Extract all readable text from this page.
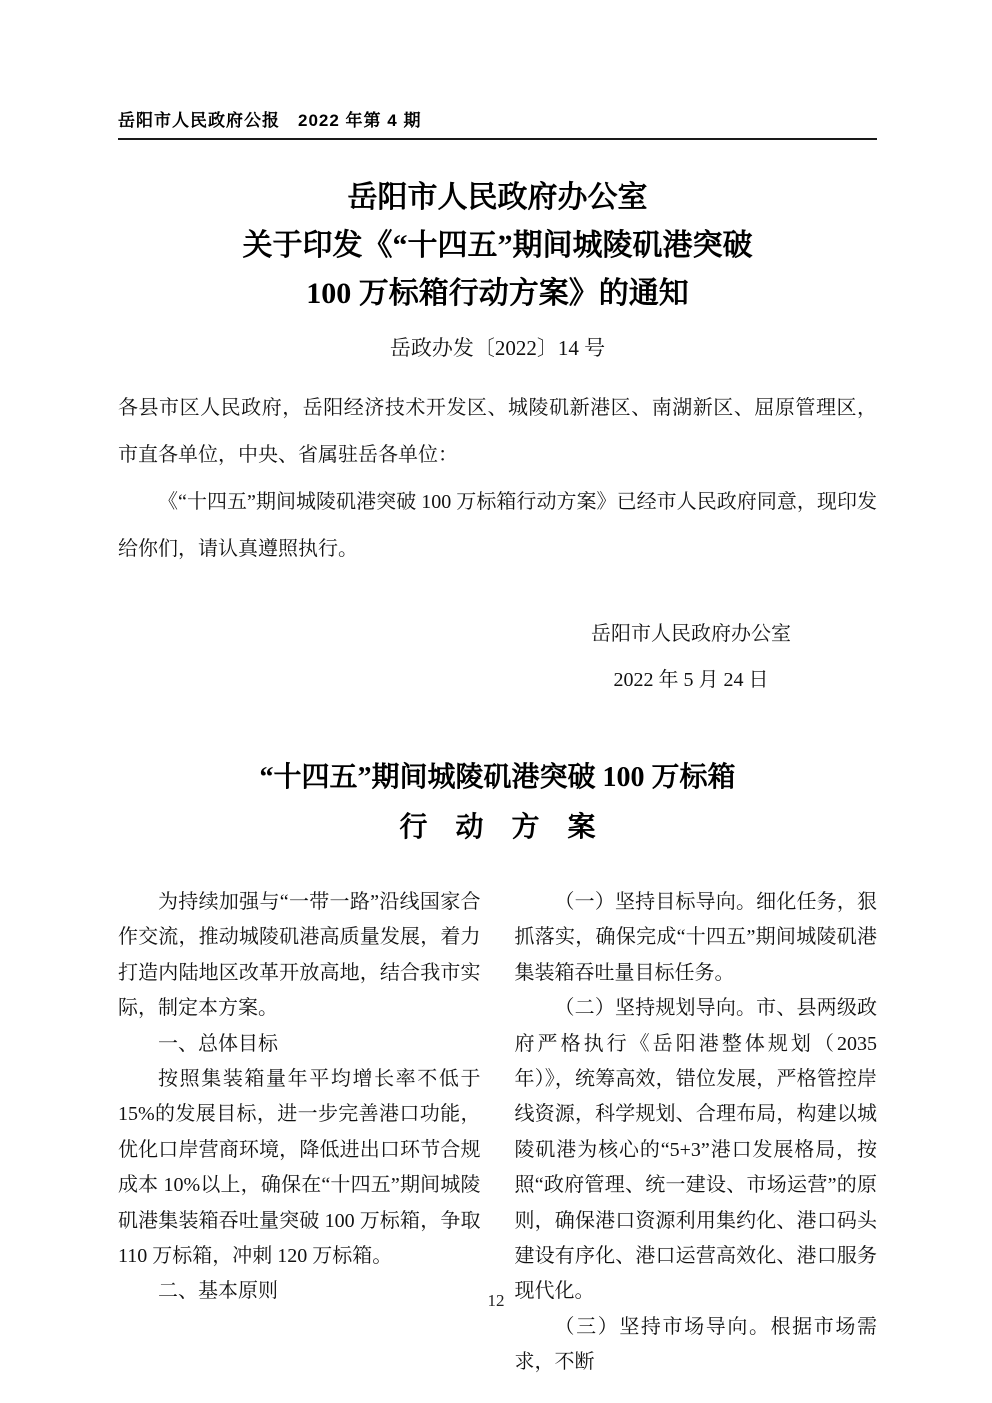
岳阳市人民政府公报　2022 年第 4 期
岳阳市人民政府办公室
关于印发《“十四五”期间城陵矶港突破
100 万标箱行动方案》的通知
岳政办发〔2022〕14 号

各县市区人民政府，岳阳经济技术开发区、城陵矶新港区、南湖新区、屈原管理区，市直各单位，中央、省属驻岳各单位：

《“十四五”期间城陵矶港突破 100 万标箱行动方案》已经市人民政府同意，现印发给你们，请认真遵照执行。

岳阳市人民政府办公室
2022 年 5 月 24 日
“十四五”期间城陵矶港突破 100 万标箱
行　动　方　案

为持续加强与“一带一路”沿线国家合作交流，推动城陵矶港高质量发展，着力打造内陆地区改革开放高地，结合我市实际，制定本方案。

一、总体目标

按照集装箱量年平均增长率不低于 15%的发展目标，进一步完善港口功能，优化口岸营商环境，降低进出口环节合规成本 10%以上，确保在“十四五”期间城陵矶港集装箱吞吐量突破 100 万标箱，争取 110 万标箱，冲刺 120 万标箱。

二、基本原则

（一）坚持目标导向。细化任务，狠抓落实，确保完成“十四五”期间城陵矶港集装箱吞吐量目标任务。

（二）坚持规划导向。市、县两级政府严格执行《岳阳港整体规划（2035 年）》，统筹高效，错位发展，严格管控岸线资源，科学规划、合理布局，构建以城陵矶港为核心的“5+3”港口发展格局，按照“政府管理、统一建设、市场运营”的原则，确保港口资源利用集约化、港口码头建设有序化、港口运营高效化、港口服务现代化。

（三）坚持市场导向。根据市场需求，不断

12
